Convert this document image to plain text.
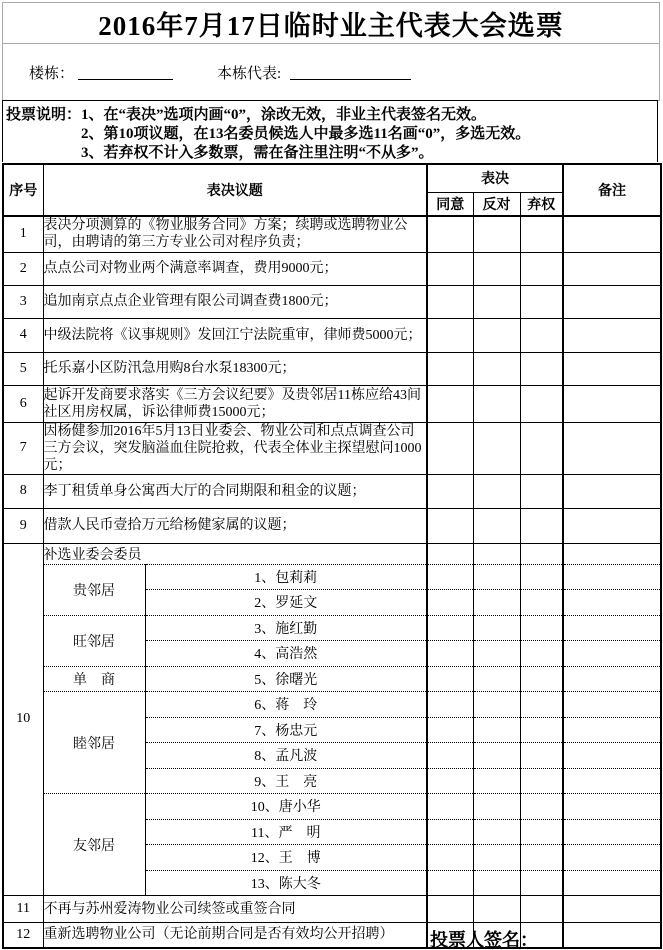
2016年7月17日临时业主代表大会选票
楼栋：	本栋代表:
投票说明： 1、在“表决”选项内画“0”，涂改无效，非业主代表签名无效。
2、第10项议题，在13名委员候选人中最多选11名画“0”，多选无效。
3、若弃权不计入多数票，需在备注里注明“不从多”。
序号	表决议题		表决			备注
			同意	反对	弃权	
1	表决分项测算的《物业服务合同》方案；续聘或选聘物业公司，由聘请的第三方专业公司对程序负责；					
2	点点公司对物业两个满意率调查，费用9000元；					
3	追加南京点点企业管理有限公司调查费1800元；					
4	中级法院将《议事规则》发回江宁法院重审，律师费5000元；					
5	托乐嘉小区防汛急用购8台水泵18300元；					
6	起诉开发商要求落实《三方会议纪要》及贵邻居11栋应给43间社区用房权属，诉讼律师费15000元；					
7	因杨健参加2016年5月13日业委会、物业公司和点点调查公司三方会议，突发脑溢血住院抢救，代表全体业主探望慰问1000元；					
8	李丁租赁单身公寓西大厅的合同期限和租金的议题；					
9	借款人民币壹拾万元给杨健家属的议题；					
10	补选业委会委员					
	贵邻居	1、包莉莉				
		2、罗延文				
	旺邻居	3、施红勤				
		4、高浩然				
	单　商	5、徐曙光				
	睦邻居	6、蒋　玲				
		7、杨忠元				
		8、孟凡波				
		9、王　亮				
	友邻居	10、唐小华				
		11、严　明				
		12、王　博				
		13、陈大冬				
11	不再与苏州爱涛物业公司续签或重签合同					
12	重新选聘物业公司（无论前期合同是否有效均公开招聘）					投票人签名：
